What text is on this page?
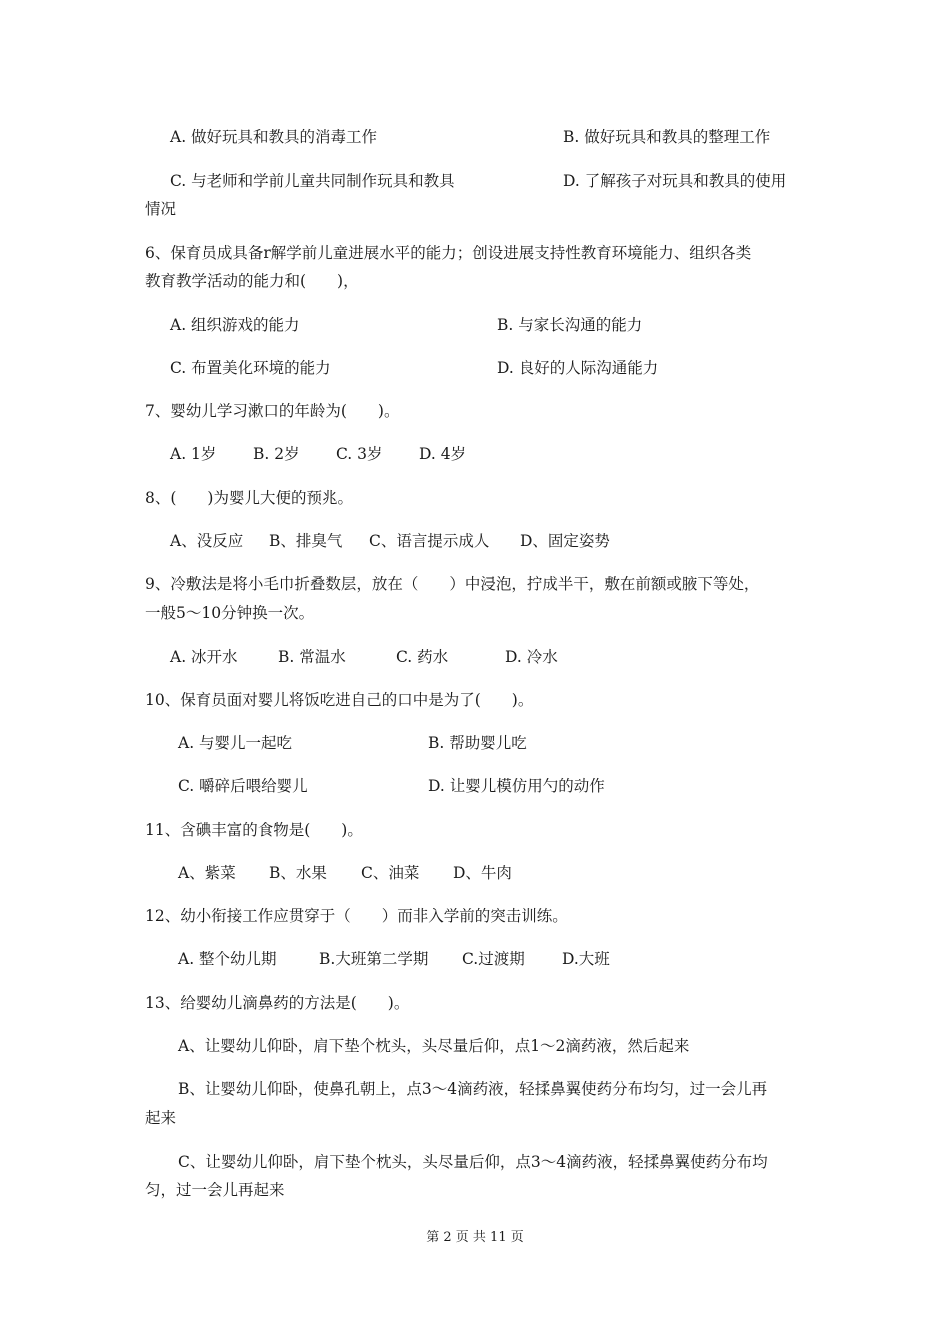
A. 做好玩具和教具的消毒工作	B. 做好玩具和教具的整理工作
C. 与老师和学前儿童共同制作玩具和教具	D. 了解孩子对玩具和教具的使用
情况
6、保育员成具备r解学前儿童进展水平的能力；创设进展支持性教育环境能力、组织各类
教育教学活动的能力和(　　)，
A. 组织游戏的能力	B. 与家长沟通的能力
C. 布置美化环境的能力	D. 良好的人际沟通能力
7、婴幼儿学习漱口的年龄为(　　)。
A. 1岁 B. 2岁 C. 3岁 D. 4岁
8、(　　)为婴儿大便的预兆。
A、没反应 B、排臭气 C、语言提示成人 D、固定姿势
9、冷敷法是将小毛巾折叠数层，放在（　　）中浸泡，拧成半干，敷在前额或腋下等处，
一般5～10分钟换一次。
A. 冰开水	B. 常温水	C. 药水	D. 冷水
10、保育员面对婴儿将饭吃进自己的口中是为了(　　)。
A. 与婴儿一起吃	B. 帮助婴儿吃
C. 嚼碎后喂给婴儿	D. 让婴儿模仿用勺的动作
11、含碘丰富的食物是(　　)。
A、紫菜 B、水果 C、油菜 D、牛肉
12、幼小衔接工作应贯穿于（　　）而非入学前的突击训练。
A. 整个幼儿期	B.大班第二学期 C.过渡期 D.大班
13、给婴幼儿滴鼻药的方法是(　　)。
A、让婴幼儿仰卧，肩下垫个枕头，头尽量后仰，点1～2滴药液，然后起来
B、让婴幼儿仰卧，使鼻孔朝上，点3～4滴药液，轻揉鼻翼使药分布均匀，过一会儿再
起来
C、让婴幼儿仰卧，肩下垫个枕头，头尽量后仰，点3～4滴药液，轻揉鼻翼使药分布均
匀，过一会儿再起来
第 2 页 共 11 页
